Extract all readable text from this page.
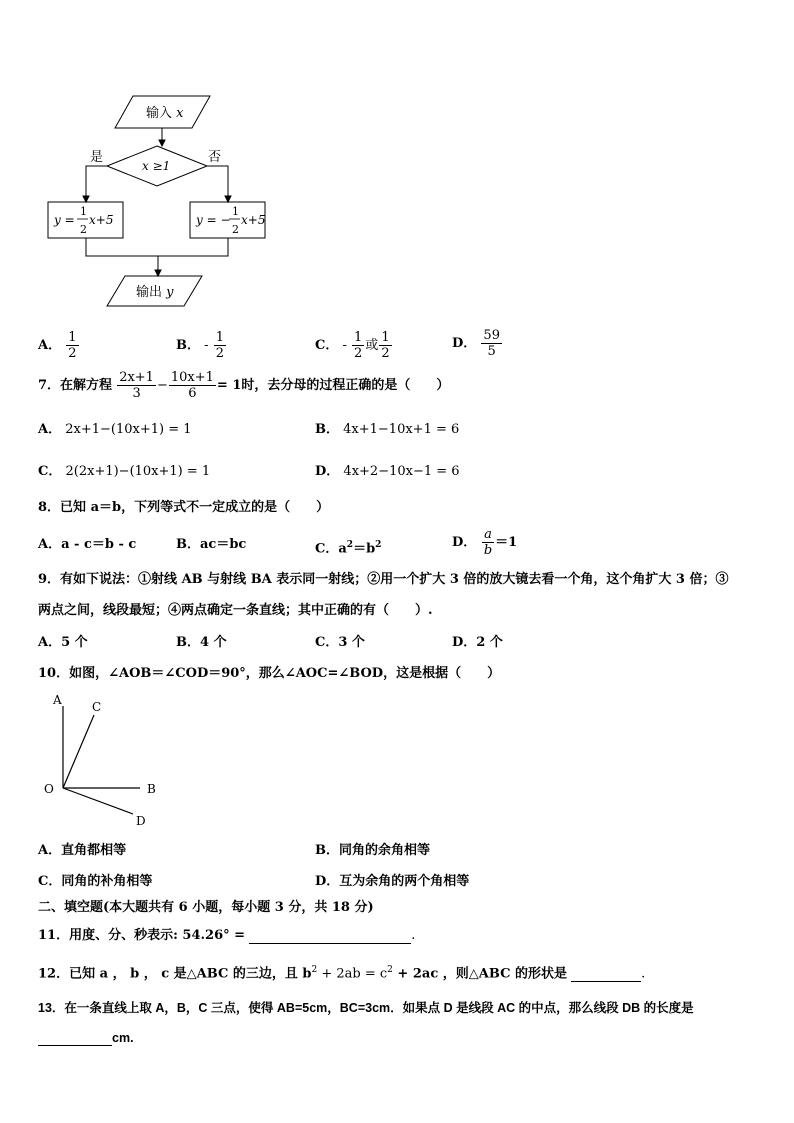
输入 x
x ≥1
是	否
y =
1
2
x+5	y = −
1
2
x+5
输出 y
A． $\frac{1}{2}$	B． - $\frac{1}{2}$	C． - $\frac{1}{2}$ 或 $\frac{1}{2}$	D． $\frac{59}{5}$
7．在解方程 $\frac{2x+1}{3} - \frac{10x+1}{6} = 1$时，去分母的过程正确的是（　　）
A． 2x+1−(10x+1) = 1	B． 4x+1−10x+1 = 6
C． 2(2x+1)−(10x+1) = 1	D． 4x+2−10x−1 = 6
8．已知 a＝b，下列等式不一定成立的是（　　）
A．a - c＝b - c	B．ac＝bc	C．$a^2=b^2$	D． $\frac{a}{b} =1$
9．有如下说法：①射线 AB 与射线 BA 表示同一射线；②用一个扩大 3 倍的放大镜去看一个角，这个角扩大 3 倍；③
两点之间，线段最短；④两点确定一条直线；其中正确的有（　　）.
A．5 个	B．4 个	C．3 个	D．2 个
10．如图，∠AOB＝∠COD＝90°，那么∠AOC=∠BOD，这是根据（　　）
A	C
O	B
D
A．直角都相等	B．同角的余角相等
C．同角的补角相等	D．互为余角的两个角相等
二、填空题(本大题共有 6 小题，每小题 3 分，共 18 分)
11．用度、分、秒表示: 54.26° =	.
12．已知 a ， b ， c 是△ABC 的三边，且 $b^2 + 2ab = c^2 + 2ac$ ，则△ABC 的形状是	.
13．在一条直线上取 A，B，C 三点，使得 AB=5cm，BC=3cm．如果点 D 是线段 AC 的中点，那么线段 DB 的长度是
cm.
